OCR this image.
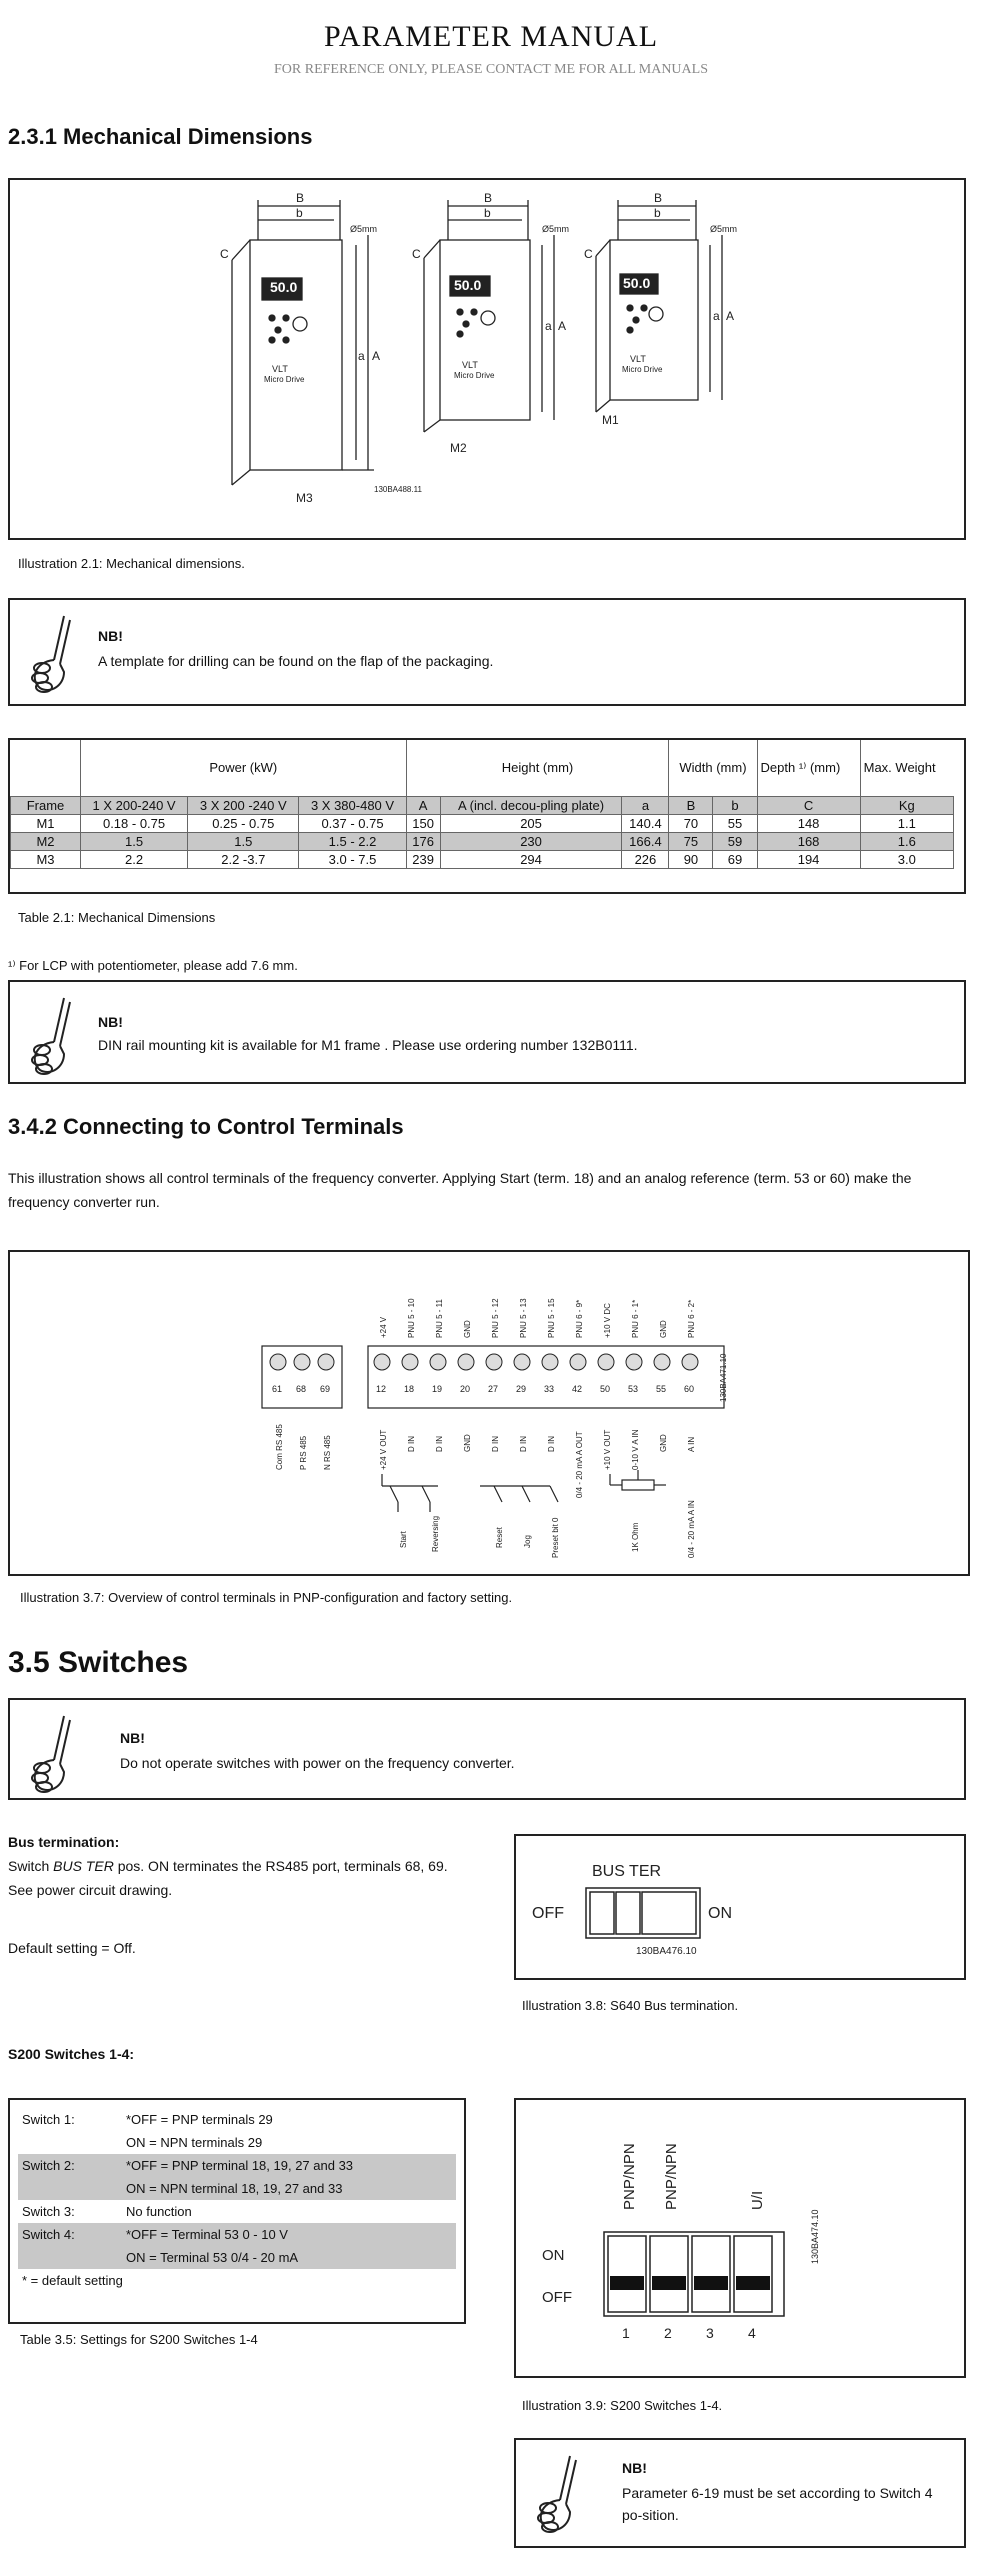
PARAMETER MANUAL
FOR REFERENCE ONLY, PLEASE CONTACT ME FOR ALL MANUALS
2.3.1 Mechanical Dimensions
B
b
A
a
C
Ø5mm
50.0
VLT
Micro Drive
M3
130BA488.11
B
b
A
a
C
Ø5mm
50.0
VLT
Micro Drive
M2
B
b
A
a
C
Ø5mm
50.0
VLT
Micro Drive
M1
Illustration 2.1: Mechanical dimensions.
NB!
A template for drilling can be found on the flap of the packaging.
	Power (kW)			Height (mm)			Width (mm)		Depth ¹⁾ (mm)	Max. Weight

Frame	1 X 200-240 V	3 X 200 -240 V	3 X 380-480 V	A	A (incl. decou-pling plate)	a	B	b	C	Kg
M1	0.18 - 0.75	0.25 - 0.75	0.37 - 0.75	150	205	140.4	70	55	148	1.1
M2	1.5	1.5	1.5 - 2.2	176	230	166.4	75	59	168	1.6
M3	2.2	2.2 -3.7	3.0 - 7.5	239	294	226	90	69	194	3.0
Table 2.1: Mechanical Dimensions
¹⁾ For LCP with potentiometer, please add 7.6 mm.
NB!
DIN rail mounting kit is available for M1 frame . Please use ordering number 132B0111.
3.4.2 Connecting to Control Terminals
This illustration shows all control terminals of the frequency converter. Applying Start (term. 18) and an analog reference (term. 53 or 60) make the frequency converter run.
61 68 69	12 18 19 20 27 29 33 42 50 53 55 60
+24 V PNU 5 - 10 PNU 5 - 11 GND PNU 5 - 12 PNU 5 - 13 PNU 5 - 15 PNU 6 - 9* +10 V DC PNU 6 - 1* GND PNU 6 - 2*
130BA471.10
Com RS 485 P RS 485 N RS 485	+24 V OUT D IN D IN GND D IN D IN D IN 0/4 - 20 mA A OUT +10 V OUT 0-10 V A IN GND A IN
Start	Reversing	Reset Jog Preset bit 0	1K Ohm	0/4 - 20 mA A IN
Illustration 3.7: Overview of control terminals in PNP-configuration and factory setting.
3.5 Switches
NB!
Do not operate switches with power on the frequency converter.
Bus termination:
Switch BUS TER pos. ON terminates the RS485 port, terminals 68, 69.
See power circuit drawing.
Default setting = Off.
BUS TER
OFF	ON
130BA476.10
Illustration 3.8: S640 Bus termination.
S200 Switches 1-4:
Switch 1:	*OFF = PNP terminals 29
	ON = NPN terminals 29
Switch 2:	*OFF = PNP terminal 18, 19, 27 and 33
	ON = NPN terminal 18, 19, 27 and 33
Switch 3:	No function
Switch 4:	*OFF = Terminal 53 0 - 10 V
	ON = Terminal 53 0/4 - 20 mA
* = default setting	
Table 3.5: Settings for S200 Switches 1-4
PNP/NPN PNP/NPN	U/I
130BA474.10
ON
OFF
1 2 3 4
Illustration 3.9: S200 Switches 1-4.
NB!
Parameter 6-19 must be set according to Switch 4 po-sition.
